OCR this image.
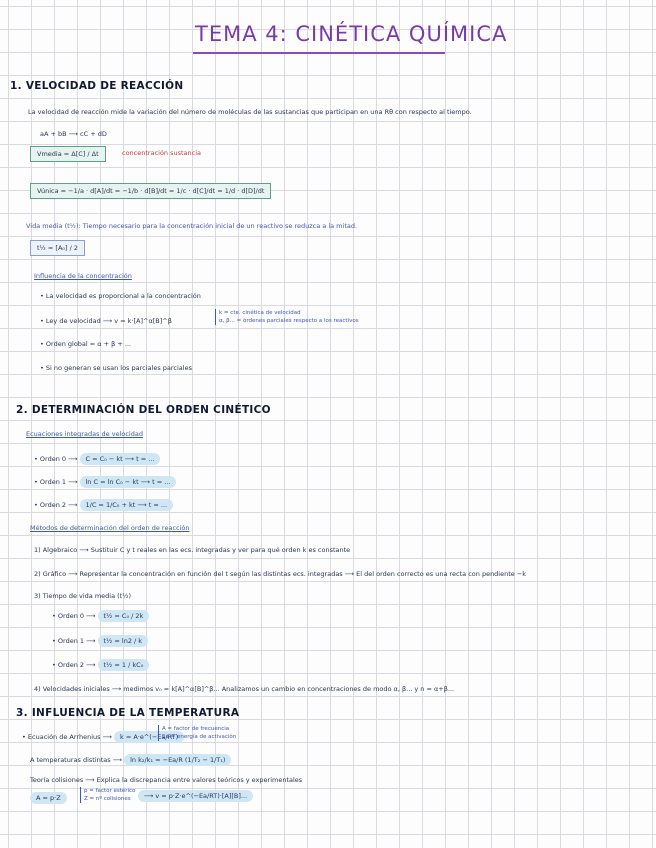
TEMA 4: CINÉTICA QUÍMICA
1. VELOCIDAD DE REACCIÓN
La velocidad de reacción mide la variación del número de moléculas de las sustancias que participan en una Rθ con respecto al tiempo.
aA + bB ⟶ cC + dD
Vmedia = Δ[C] / Δt	concentración sustancia
Vúnica = −1/a · d[A]/dt = −1/b · d[B]/dt = 1/c · d[C]/dt = 1/d · d[D]/dt
Vida media (t½): Tiempo necesario para la concentración inicial de un reactivo se reduzca a la mitad.
t½ = [A₀] / 2
Influencia de la concentración
• La velocidad es proporcional a la concentración
• Ley de velocidad ⟶ v = k·[A]^α[B]^β
k = cte. cinética de velocidad
α, β... = órdenes parciales respecto a los reactivos
• Orden global = α + β + ...
• Si no generan se usan los parciales parciales
2. DETERMINACIÓN DEL ORDEN CINÉTICO
Ecuaciones integradas de velocidad
• Orden 0 ⟶ C = C₀ − kt ⟶ t = ...
• Orden 1 ⟶ ln C = ln C₀ − kt ⟶ t = ...
• Orden 2 ⟶ 1/C = 1/C₀ + kt ⟶ t = ...
Métodos de determinación del orden de reacción
1) Algebraico ⟶ Sustituir C y t reales en las ecs. integradas y ver para qué orden k es constante
2) Gráfico ⟶ Representar la concentración en función del t según las distintas ecs. integradas ⟶ El del orden correcto es una recta con pendiente −k
3) Tiempo de vida media (t½)
• Orden 0 ⟶ t½ = C₀ / 2k
• Orden 1 ⟶ t½ = ln2 / k
• Orden 2 ⟶ t½ = 1 / kC₀
4) Velocidades iniciales ⟶ medimos v₀ = k[A]^α[B]^β... Analizamos un cambio en concentraciones de modo α, β... y n = α+β...
3. INFLUENCIA DE LA TEMPERATURA
• Ecuación de Arrhenius ⟶ k = A·e^(−Ea/RT)
A = factor de frecuencia
Ea = energía de activación
A temperaturas distintas ⟶ ln k₂/k₁ = −Ea/R (1/T₂ − 1/T₁)
Teoría colisiones ⟶ Explica la discrepancia entre valores teóricos y experimentales
A = p·Z
p = factor estérico
Z = nº colisiones	⟶ v = p·Z·e^(−Ea/RT)·[A][B]...
